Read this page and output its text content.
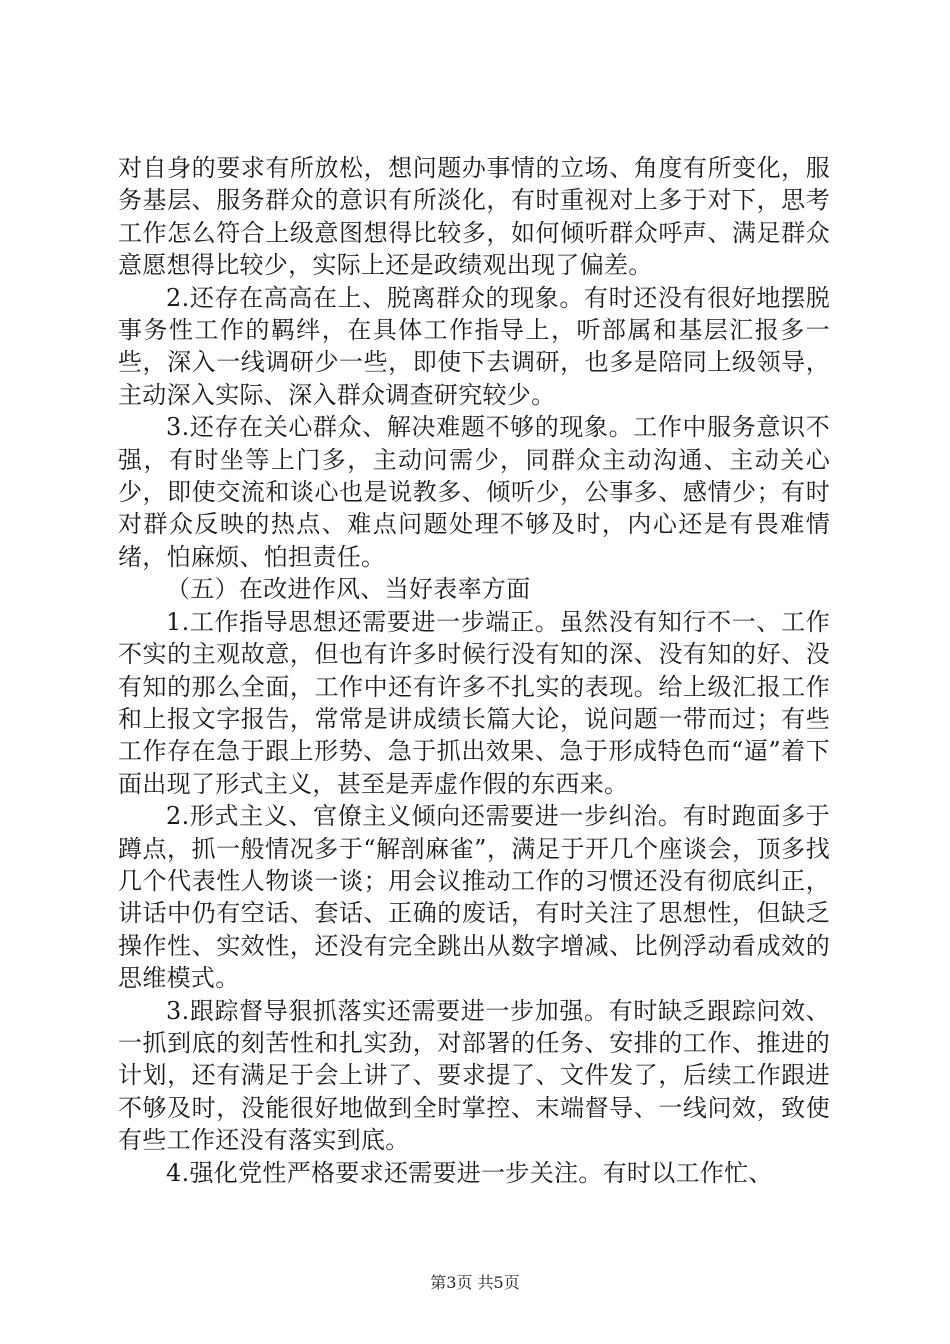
对自身的要求有所放松，想问题办事情的立场、角度有所变化，服务基层、服务群众的意识有所淡化，有时重视对上多于对下，思考工作怎么符合上级意图想得比较多，如何倾听群众呼声、满足群众意愿想得比较少，实际上还是政绩观出现了偏差。

2.还存在高高在上、脱离群众的现象。有时还没有很好地摆脱事务性工作的羁绊，在具体工作指导上，听部属和基层汇报多一些，深入一线调研少一些，即使下去调研，也多是陪同上级领导，主动深入实际、深入群众调查研究较少。

3.还存在关心群众、解决难题不够的现象。工作中服务意识不强，有时坐等上门多，主动问需少，同群众主动沟通、主动关心少，即使交流和谈心也是说教多、倾听少，公事多、感情少；有时对群众反映的热点、难点问题处理不够及时，内心还是有畏难情绪，怕麻烦、怕担责任。

（五）在改进作风、当好表率方面

1.工作指导思想还需要进一步端正。虽然没有知行不一、工作不实的主观故意，但也有许多时候行没有知的深、没有知的好、没有知的那么全面，工作中还有许多不扎实的表现。给上级汇报工作和上报文字报告，常常是讲成绩长篇大论，说问题一带而过；有些工作存在急于跟上形势、急于抓出效果、急于形成特色而“逼”着下面出现了形式主义，甚至是弄虚作假的东西来。

2.形式主义、官僚主义倾向还需要进一步纠治。有时跑面多于蹲点，抓一般情况多于“解剖麻雀”，满足于开几个座谈会，顶多找几个代表性人物谈一谈；用会议推动工作的习惯还没有彻底纠正，讲话中仍有空话、套话、正确的废话，有时关注了思想性，但缺乏操作性、实效性，还没有完全跳出从数字增减、比例浮动看成效的思维模式。

3.跟踪督导狠抓落实还需要进一步加强。有时缺乏跟踪问效、一抓到底的刻苦性和扎实劲，对部署的任务、安排的工作、推进的计划，还有满足于会上讲了、要求提了、文件发了，后续工作跟进不够及时，没能很好地做到全时掌控、末端督导、一线问效，致使有些工作还没有落实到底。

4.强化党性严格要求还需要进一步关注。有时以工作忙、

第3页 共5页
